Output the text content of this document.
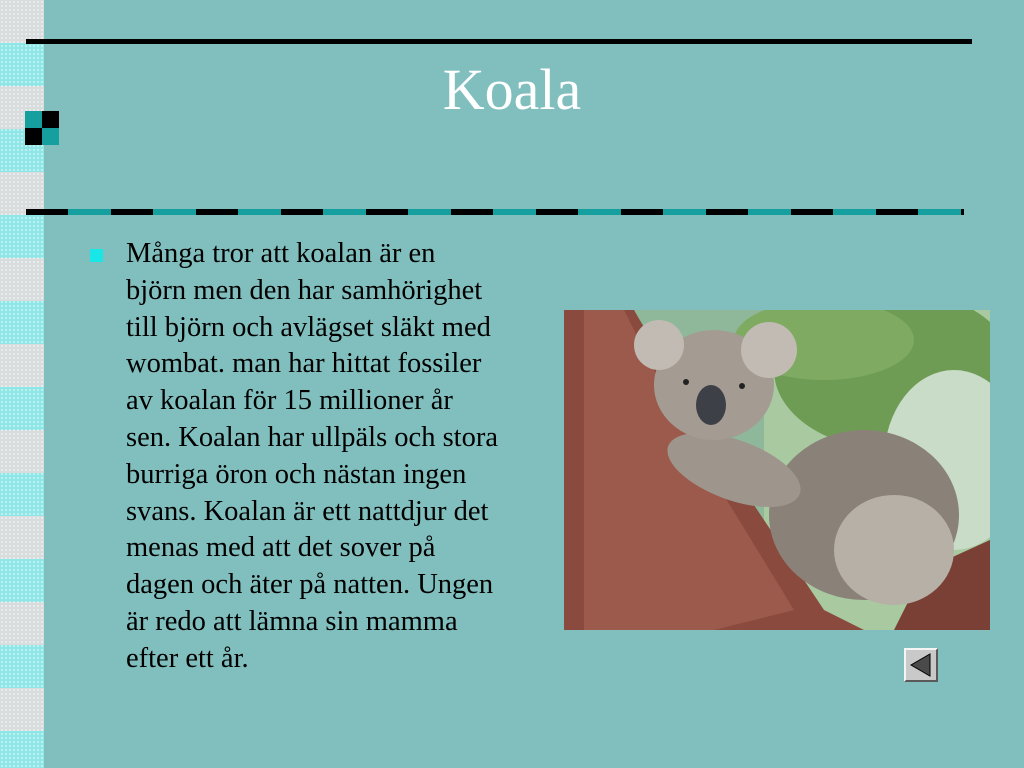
Koala

Många tror att koalan är en björn men den har samhörighet till björn och avlägset släkt med wombat. man har hittat fossiler av koalan för 15 millioner år sen. Koalan har ullpäls och stora burriga öron och nästan ingen svans. Koalan är ett nattdjur det menas med att det sover på dagen och äter på natten. Ungen är redo att lämna sin mamma efter ett år.
